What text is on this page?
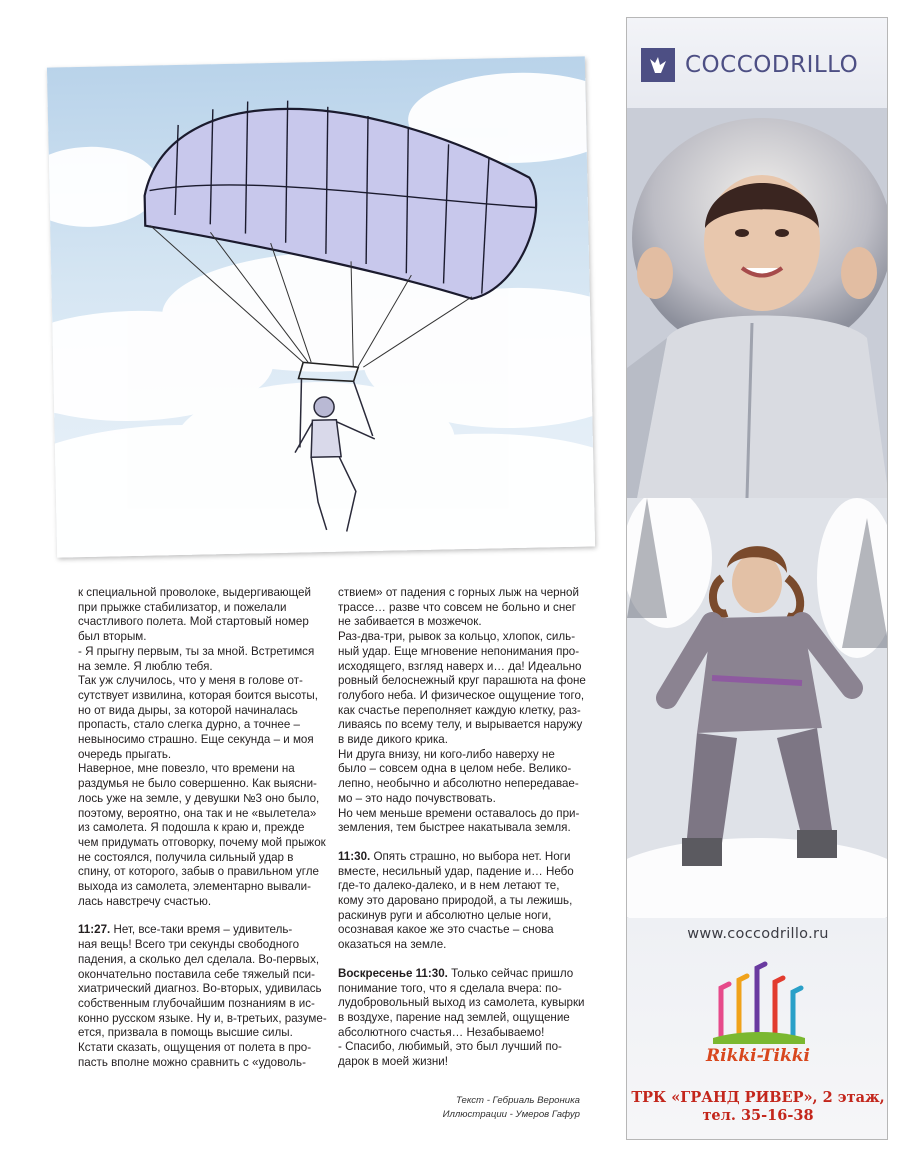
к специальной проволоке, выдергивающей
при прыжке стабилизатор, и пожелали
счастливого полета. Мой стартовый номер
был вторым.
- Я прыгну первым, ты за мной. Встретимся
на земле. Я люблю тебя.
Так уж случилось, что у меня в голове от-
сутствует извилина, которая боится высоты,
но от вида дыры, за которой начиналась
пропасть, стало слегка дурно, а точнее –
невыносимо страшно. Еще секунда – и моя
очередь прыгать.
Наверное, мне повезло, что времени на
раздумья не было совершенно. Как выясни-
лось уже на земле, у девушки №3 оно было,
поэтому, вероятно, она так и не «вылетела»
из самолета. Я подошла к краю и, прежде
чем придумать отговорку, почему мой прыжок
не состоялся, получила сильный удар в
спину, от которого, забыв о правильном угле
выхода из самолета, элементарно вывали-
лась навстречу счастью.

11:27. Нет, все-таки время – удивитель-
ная вещь! Всего три секунды свободного
падения, а сколько дел сделала. Во-первых,
окончательно поставила себе тяжелый пси-
хиатрический диагноз. Во-вторых, удивилась
собственным глубочайшим познаниям в ис-
конно русском языке. Ну и, в-третьих, разуме-
ется, призвала в помощь высшие силы.
Кстати сказать, ощущения от полета в про-
пасть вполне можно сравнить с «удоволь-

ствием» от падения с горных лыж на черной
трассе… разве что совсем не больно и снег
не забивается в мозжечок.
Раз-два-три, рывок за кольцо, хлопок, силь-
ный удар. Еще мгновение непонимания про-
исходящего, взгляд наверх и… да! Идеально
ровный белоснежный круг парашюта на фоне
голубого неба. И физическое ощущение того,
как счастье переполняет каждую клетку, раз-
ливаясь по всему телу, и вырывается наружу
в виде дикого крика.
Ни друга внизу, ни кого-либо наверху не
было – совсем одна в целом небе. Велико-
лепно, необычно и абсолютно непередавае-
мо – это надо почувствовать.
Но чем меньше времени оставалось до при-
земления, тем быстрее накатывала земля.

11:30. Опять страшно, но выбора нет. Ноги
вместе, несильный удар, падение и… Небо
где-то далеко-далеко, и в нем летают те,
кому это даровано природой, а ты лежишь,
раскинув руги и абсолютно целые ноги,
осознавая какое же это счастье – снова
оказаться на земле.

Воскресенье 11:30. Только сейчас пришло
понимание того, что я сделала вчера: по-
лудобровольный выход из самолета, кувырки
в воздухе, парение над землей, ощущение
абсолютного счастья… Незабываемо!
- Спасибо, любимый, это был лучший по-
дарок в моей жизни!

Текст - Гебриаль Вероника
Иллюстрации - Умеров Гафур
COCCODRILLO
www.coccodrillo.ru
Rikki-Tikki
ТРК «ГРАНД РИВЕР», 2 этаж,
тел. 35-16-38
